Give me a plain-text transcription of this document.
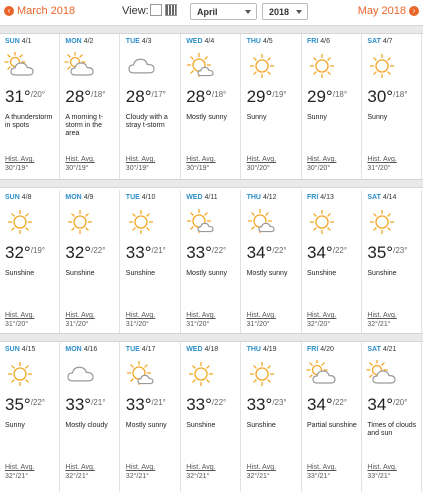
‹ March 2018	View:	April	2018	May 2018 ›
SUN 4/1
31°$^{/20^\circ}$
A thunderstorm in spots
Hist. Avg.
30°/19°
MON 4/2
28°$^{/18^\circ}$
A morning t-storm in the area
Hist. Avg.
30°/19°
TUE 4/3
28°$^{/17^\circ}$
Cloudy with a stray t-storm
Hist. Avg.
30°/19°
WED 4/4
28°$^{/18^\circ}$
Mostly sunny
Hist. Avg.
30°/19°
THU 4/5
29°$^{/19^\circ}$
Sunny
Hist. Avg.
30°/20°
FRI 4/6
29°$^{/18^\circ}$
Sunny
Hist. Avg.
30°/20°
SAT 4/7
30°$^{/18^\circ}$
Sunny
Hist. Avg.
31°/20°
SUN 4/8
32°$^{/19^\circ}$
Sunshine
Hist. Avg.
31°/20°
MON 4/9
32°$^{/22^\circ}$
Sunshine
Hist. Avg.
31°/20°
TUE 4/10
33°$^{/21^\circ}$
Sunshine
Hist. Avg.
31°/20°
WED 4/11
33°$^{/22^\circ}$
Mostly sunny
Hist. Avg.
31°/20°
THU 4/12
34°$^{/22^\circ}$
Mostly sunny
Hist. Avg.
31°/20°
FRI 4/13
34°$^{/22^\circ}$
Sunshine
Hist. Avg.
32°/20°
SAT 4/14
35°$^{/23^\circ}$
Sunshine
Hist. Avg.
32°/21°
SUN 4/15
35°$^{/22^\circ}$
Sunny
Hist. Avg.
32°/21°
MON 4/16
33°$^{/21^\circ}$
Mostly cloudy
Hist. Avg.
32°/21°
TUE 4/17
33°$^{/21^\circ}$
Mostly sunny
Hist. Avg.
32°/21°
WED 4/18
33°$^{/22^\circ}$
Sunshine
Hist. Avg.
32°/21°
THU 4/19
33°$^{/23^\circ}$
Sunshine
Hist. Avg.
32°/21°
FRI 4/20
34°$^{/22^\circ}$
Partial sunshine
Hist. Avg.
33°/21°
SAT 4/21
34°$^{/20^\circ}$
Times of clouds and sun
Hist. Avg.
33°/21°
